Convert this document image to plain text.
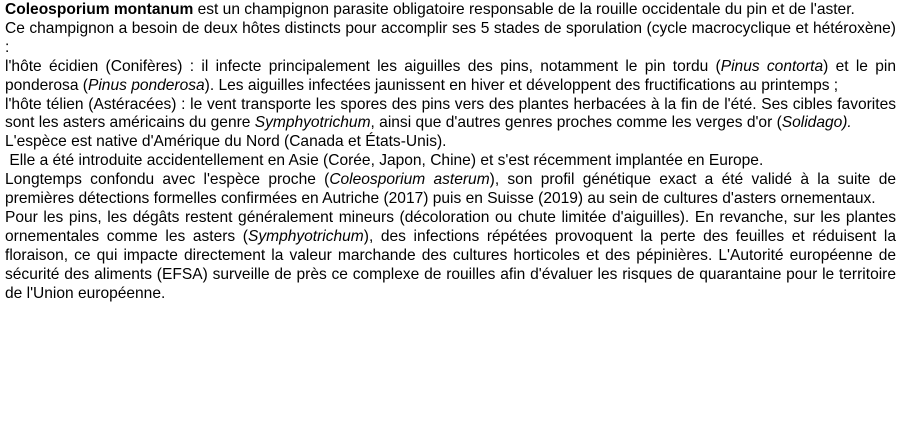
Coleosporium montanum est un champignon parasite obligatoire responsable de la rouille occidentale du pin et de l'aster.

Ce champignon a besoin de deux hôtes distincts pour accomplir ses 5 stades de sporulation (cycle macrocyclique et hétéroxène) :

l'hôte écidien (Conifères) : il infecte principalement les aiguilles des pins, notamment le pin tordu (Pinus contorta) et le pin ponderosa (Pinus ponderosa). Les aiguilles infectées jaunissent en hiver et développent des fructifications au printemps ;

l'hôte télien (Astéracées) : le vent transporte les spores des pins vers des plantes herbacées à la fin de l'été. Ses cibles favorites sont les asters américains du genre Symphyotrichum, ainsi que d'autres genres proches comme les verges d'or (Solidago).

L'espèce est native d'Amérique du Nord (Canada et États-Unis).

Elle a été introduite accidentellement en Asie (Corée, Japon, Chine) et s'est récemment implantée en Europe.

Longtemps confondu avec l'espèce proche (Coleosporium asterum), son profil génétique exact a été validé à la suite de premières détections formelles confirmées en Autriche (2017) puis en Suisse (2019) au sein de cultures d'asters ornementaux.

Pour les pins, les dégâts restent généralement mineurs (décoloration ou chute limitée d'aiguilles). En revanche, sur les plantes ornementales comme les asters (Symphyotrichum), des infections répétées provoquent la perte des feuilles et réduisent la floraison, ce qui impacte directement la valeur marchande des cultures horticoles et des pépinières. L'Autorité européenne de sécurité des aliments (EFSA) surveille de près ce complexe de rouilles afin d'évaluer les risques de quarantaine pour le territoire de l'Union européenne.
